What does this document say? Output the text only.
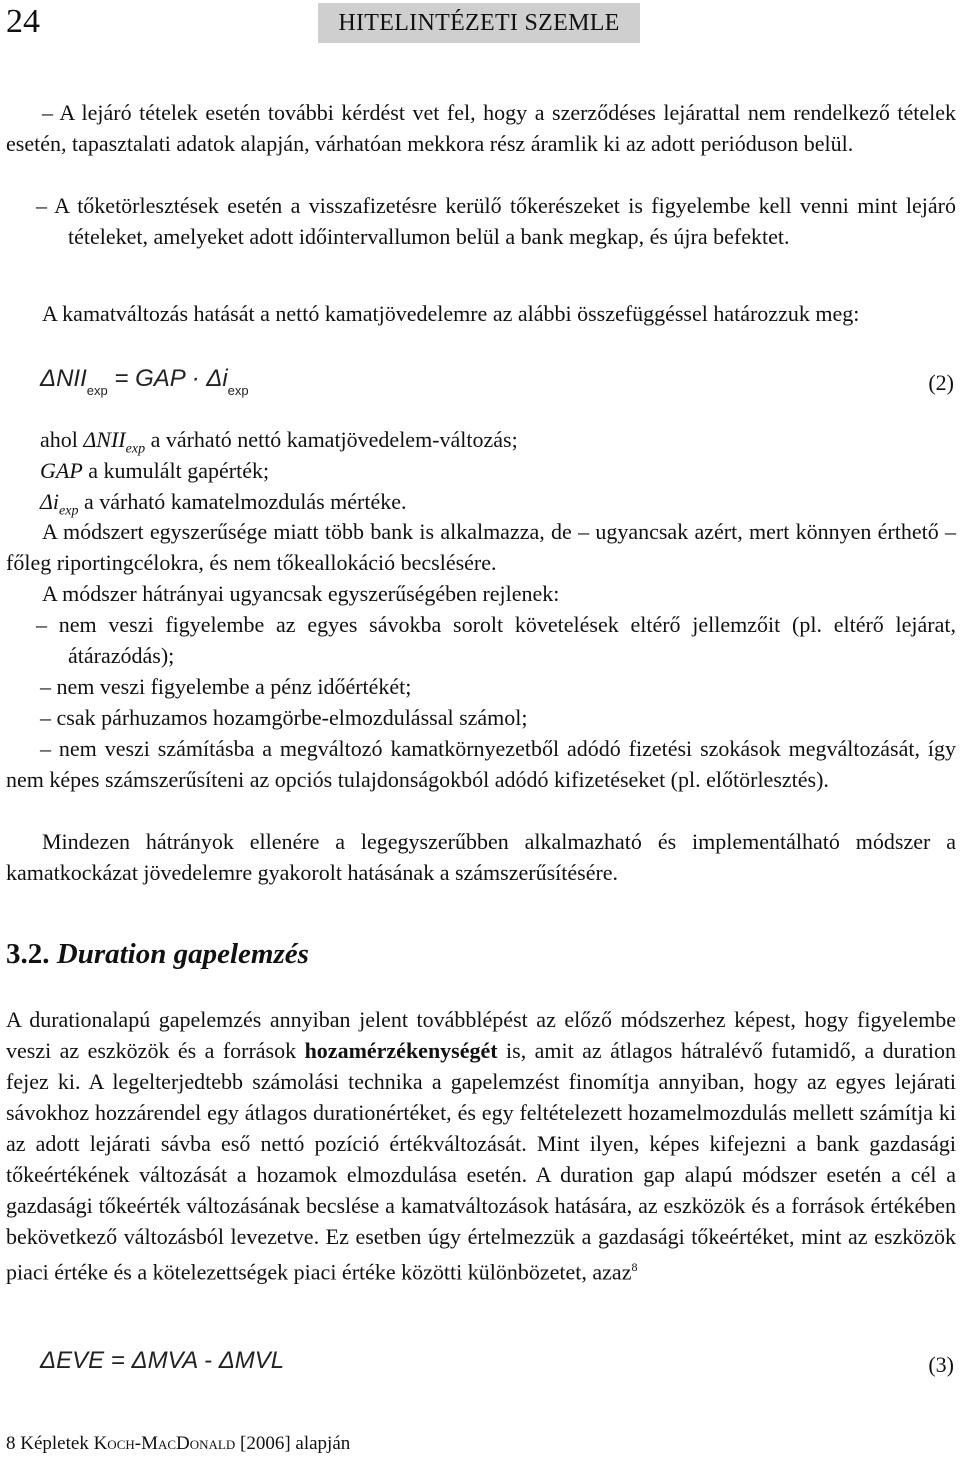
24	HITELINTÉZETI SZEMLE

– A lejáró tételek esetén további kérdést vet fel, hogy a szerződéses lejárattal nem rendelkező tételek esetén, tapasztalati adatok alapján, várhatóan mekkora rész áramlik ki az adott perióduson belül.

– A tőketörlesztések esetén a visszafizetésre kerülő tőkerészeket is figyelembe kell venni mint lejáró tételeket, amelyeket adott időintervallumon belül a bank megkap, és újra befektet.

A kamatváltozás hatását a nettó kamatjövedelemre az alábbi összefüggéssel határozzuk meg:

$\Delta NII_{exp}$ = GAP · $\Delta i_{exp}$	(2)
ahol $\Delta NII_{exp}$ a várható nettó kamatjövedelem-változás;
GAP a kumulált gapérték;
$\Delta i_{exp}$ a várható kamatelmozdulás mértéke.

A módszert egyszerűsége miatt több bank is alkalmazza, de – ugyancsak azért, mert könnyen érthető – főleg riportingcélokra, és nem tőkeallokáció becslésére.

A módszer hátrányai ugyancsak egyszerűségében rejlenek:

– nem veszi figyelembe az egyes sávokba sorolt követelések eltérő jellemzőit (pl. eltérő lejárat, átárazódás);

– nem veszi figyelembe a pénz időértékét;

– csak párhuzamos hozamgörbe-elmozdulással számol;

– nem veszi számításba a megváltozó kamatkörnyezetből adódó fizetési szokások megváltozását, így nem képes számszerűsíteni az opciós tulajdonságokból adódó kifizetéseket (pl. előtörlesztés).

Mindezen hátrányok ellenére a legegyszerűbben alkalmazható és implementálható módszer a kamatkockázat jövedelemre gyakorolt hatásának a számszerűsítésére.

3.2. Duration gapelemzés

A durationalapú gapelemzés annyiban jelent továbblépést az előző módszerhez képest, hogy figyelembe veszi az eszközök és a források hozamérzékenységét is, amit az átlagos hátralévő futamidő, a duration fejez ki. A legelterjedtebb számolási technika a gapelemzést finomítja annyiban, hogy az egyes lejárati sávokhoz hozzárendel egy átlagos durationértéket, és egy feltételezett hozamelmozdulás mellett számítja ki az adott lejárati sávba eső nettó pozíció értékváltozását. Mint ilyen, képes kifejezni a bank gazdasági tőkeértékének változását a hozamok elmozdulása esetén. A duration gap alapú módszer esetén a cél a gazdasági tőkeérték változásának becslése a kamatváltozások hatására, az eszközök és a források értékében bekövetkező változásból levezetve. Ez esetben úgy értelmezzük a gazdasági tőkeértéket, mint az eszközök piaci értéke és a kötelezettségek piaci értéke közötti különbözetet, azaz$^8$

ΔEVE = ΔMVA - ΔMVL	(3)
8 Képletek Koch-MacDonald [2006] alapján
